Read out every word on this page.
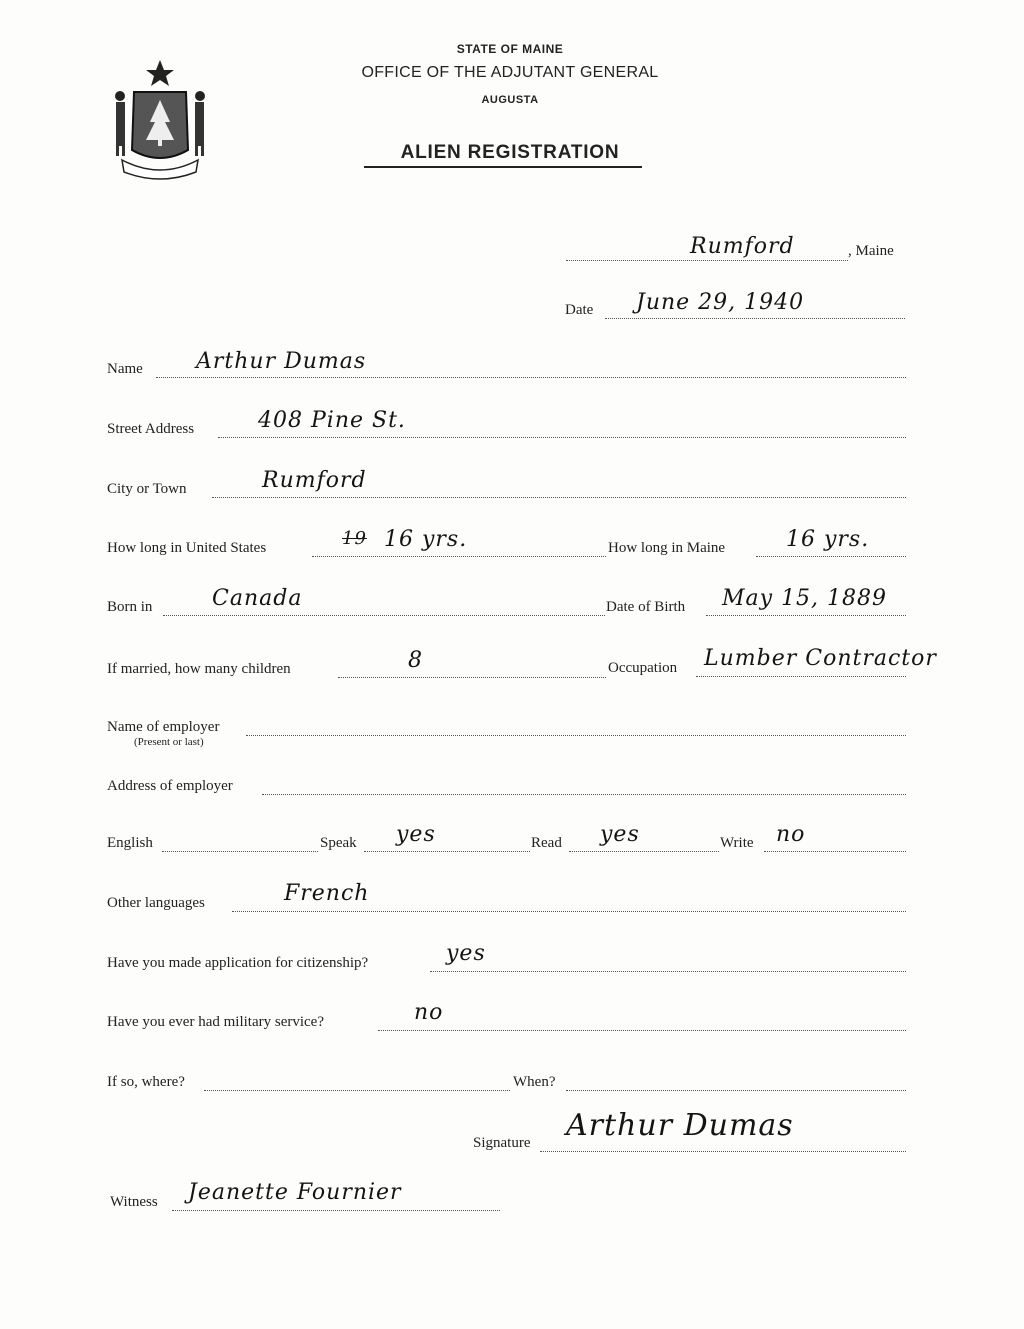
STATE OF MAINE
OFFICE OF THE ADJUTANT GENERAL
AUGUSTA
ALIEN REGISTRATION
Rumford	, Maine
Date June 29, 1940
Name Arthur Dumas
Street Address	408 Pine St.
City or Town	Rumford
How long in United States	19 16 yrs.	How long in Maine	16 yrs.
Born in	Canada	Date of Birth May 15, 1889
If married, how many children	8	Occupation Lumber Contractor
Name of employer
(Present or last)
Address of employer
English	Speak yes	Read yes	Write no
Other languages	French
Have you made application for citizenship?	yes
Have you ever had military service?	no
If so, where?	When?
Signature Arthur Dumas
Witness Jeanette Fournier
